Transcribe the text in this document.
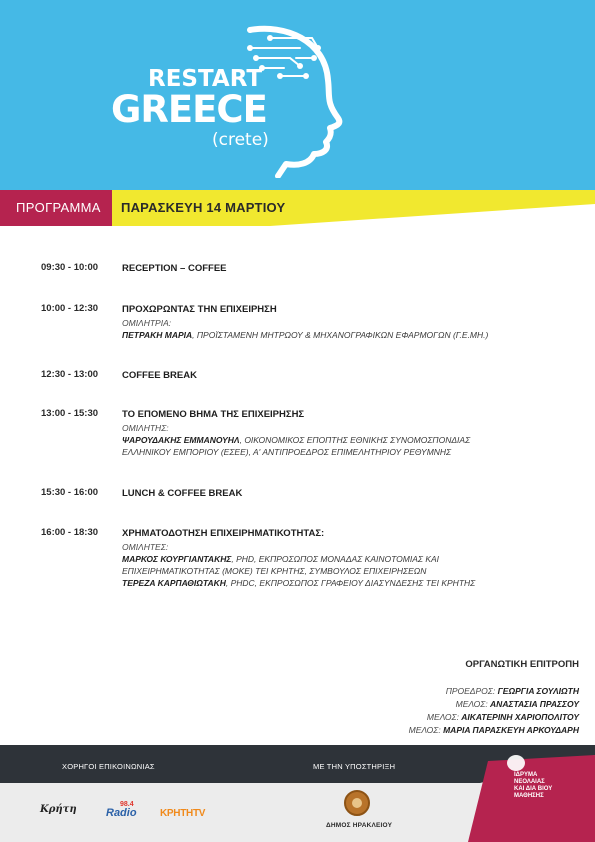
RESTART
GREECE
(crete)
ΠΡΟΓΡΑΜΜΑ ΠΑΡΑΣΚΕΥΗ 14 ΜΑΡΤΙΟΥ
09:30 - 10:00	RECEPTION – COFFEE
10:00 - 12:30	ΠΡΟΧΩΡΩΝΤΑΣ ΤΗΝ ΕΠΙΧΕΙΡΗΣΗ
ΟΜΙΛΗΤΡΙΑ:
ΠΕΤΡΑΚΗ ΜΑΡΙΑ, ΠΡΟΪΣΤΑΜΕΝΗ ΜΗΤΡΩΟΥ & ΜΗΧΑΝΟΓΡΑΦΙΚΩΝ ΕΦΑΡΜΟΓΩΝ (Γ.Ε.ΜΗ.)
12:30 - 13:00	COFFEE BREAK
13:00 - 15:30	ΤΟ ΕΠΟΜΕΝΟ ΒΗΜΑ ΤΗΣ ΕΠΙΧΕΙΡΗΣΗΣ
ΟΜΙΛΗΤΗΣ:
ΨΑΡΟΥΔΑΚΗΣ ΕΜΜΑΝΟΥΗΛ, ΟΙΚΟΝΟΜΙΚΟΣ ΕΠΟΠΤΗΣ ΕΘΝΙΚΗΣ ΣΥΝΟΜΟΣΠΟΝΔΙΑΣ
ΕΛΛΗΝΙΚΟΥ ΕΜΠΟΡΙΟΥ (ΕΣΕΕ), Α' ΑΝΤΙΠΡΟΕΔΡΟΣ ΕΠΙΜΕΛΗΤΗΡΙΟΥ ΡΕΘΥΜΝΗΣ
15:30 - 16:00	LUNCH & COFFEE BREAK
16:00 - 18:30	ΧΡΗΜΑΤΟΔΟΤΗΣΗ ΕΠΙΧΕΙΡΗΜΑΤΙΚΟΤΗΤΑΣ:
ΟΜΙΛΗΤΕΣ:
ΜΑΡΚΟΣ ΚΟΥΡΓΙΑΝΤΑΚΗΣ, PHD, ΕΚΠΡΟΣΩΠΟΣ ΜΟΝΑΔΑΣ ΚΑΙΝΟΤΟΜΙΑΣ ΚΑΙ
ΕΠΙΧΕΙΡΗΜΑΤΙΚΟΤΗΤΑΣ (ΜΟΚΕ) ΤΕΙ ΚΡΗΤΗΣ, ΣΥΜΒΟΥΛΟΣ ΕΠΙΧΕΙΡΗΣΕΩΝ
ΤΕΡΕΖΑ ΚΑΡΠΑΘΙΩΤΑΚΗ, PHDC, ΕΚΠΡΟΣΩΠΟΣ ΓΡΑΦΕΙΟΥ ΔΙΑΣΥΝΔΕΣΗΣ ΤΕΙ ΚΡΗΤΗΣ
ΟΡΓΑΝΩΤΙΚΗ ΕΠΙΤΡΟΠΗ
ΠΡΟΕΔΡΟΣ: ΓΕΩΡΓΙΑ ΣΟΥΛΙΩΤΗ
ΜΕΛΟΣ: ΑΝΑΣΤΑΣΙΑ ΠΡΑΣΣΟΥ
ΜΕΛΟΣ: ΑΙΚΑΤΕΡΙΝΗ ΧΑΡΙΟΠΟΛΙΤΟΥ
ΜΕΛΟΣ: ΜΑΡΙΑ ΠΑΡΑΣΚΕΥΗ ΑΡΚΟΥΔΑΡΗ
ΧΟΡΗΓΟΙ ΕΠΙΚΟΙΝΩΝΙΑΣ	ΜΕ ΤΗΝ ΥΠΟΣΤΗΡΙΞΗ
Κρήτη	98.4
Radio ΚΡΗΤΗTV
ΔΗΜΟΣ ΗΡΑΚΛΕΙΟΥ
ΙΔΡΥΜΑ
ΝΕΟΛΑΙΑΣ
ΚΑΙ ΔΙΑ ΒΙΟΥ
ΜΑΘΗΣΗΣ
